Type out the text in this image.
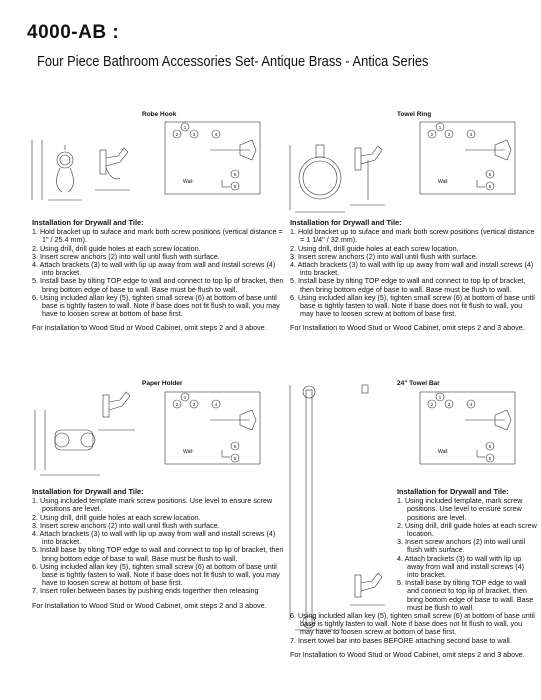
4000-AB :
Four Piece Bathroom Accessories Set- Antique Brass - Antica Series
Robe Hook	Towel Ring
Paper Holder	24" Towel Bar
1
2	3	4
6
5
1
2	3	4
6
5
1
2	3	4
6
5
1
2	3	4
6
5
Wall	Wall
Wall	Wall
Installation for Drywall and Tile:
1. Hold bracket up to suface and mark both screw positions (vertical distance = 1" / 25.4 mm).
2. Using drill, drill guide holes at each screw location.
3. Insert screw anchors (2) into wall until flush with surface.
4. Attach brackets (3) to wall with lip up away from wall and install screws (4) into bracket.
5. Install base by tilting TOP edge to wall and connect to top lip of bracket, then bring bottom edge of base to wall. Base must be flush to wall.
6. Using included allan key (5), tighten small screw (6) at bottom of base until base is tightly fasten to wall. Note if base does not fit flush to wall, you may have to loosen screw at bottom of base first.
For Installation to Wood Stud or Wood Cabinet, omit steps 2 and 3 above.
Installation for Drywall and Tile:
1. Hold bracket up to suface and mark both screw positions (vertical distance = 1 1/4" / 32 mm).
2. Using drill, drill guide holes at each screw location.
3. Insert screw anchors (2) into wall until flush with surface.
4. Attach brackets (3) to wall with lip up away from wall and install screws (4) into bracket.
5. Install base by tilting TOP edge to wall and connect to top lip of bracket, then bring bottom edge of base to wall. Base must be flush to wall.
6. Using included allan key (5), tighten small screw (6) at bottom of base until base is tightly fasten to wall. Note if base does not fit flush to wall, you may have to loosen screw at bottom of base first.
For Installation to Wood Stud or Wood Cabinet, omit steps 2 and 3 above.
Installation for Drywall and Tile:
1. Using included template mark screw positions. Use level to ensure screw positions are level.
2. Using drill, drill guide holes at each screw location.
3. Insert screw anchors (2) into wall until flush with surface.
4. Attach brackets (3) to wall with lip up away from wall and install screws (4) into bracket.
5. Install base by tilting TOP edge to wall and connect to top lip of bracket, then bring bottom edge of base to wall. Base must be flush to wall.
6. Using included allan key (5), tighten small screw (6) at bottom of base until base is tightly fasten to wall. Note if base does not fit flush to wall, you may have to loosen screw at bottom of base first.
7. Insert roller between bases by pushing ends togerther then releasing
For Installation to Wood Stud or Wood Cabinet, omit steps 2 and 3 above.
Installation for Drywall and Tile:
1. Using included template, mark screw positions. Use level to ensure screw positions are level.
2. Using drill, drill guide holes at each screw location.
3. Insert screw anchors (2) into wall until flush with surface.
4. Attach brackets (3) to wall with lip up away from wall and install screws (4) into bracket.
5. Install base by tilting TOP edge to wall and connect to top lip of bracket, then bring bottom edge of base to wall. Base must be flush to wall.
6. Using included allan key (5), tighten small screw (6) at bottom of base until base is tightly fasten to wall. Note if base does not fit flush to wall, you may have to loosen screw at bottom of base first.
7. Insert towel bar into bases BEFORE attaching second base to wall.
For Installation to Wood Stud or Wood Cabinet, omit steps 2 and 3 above.
